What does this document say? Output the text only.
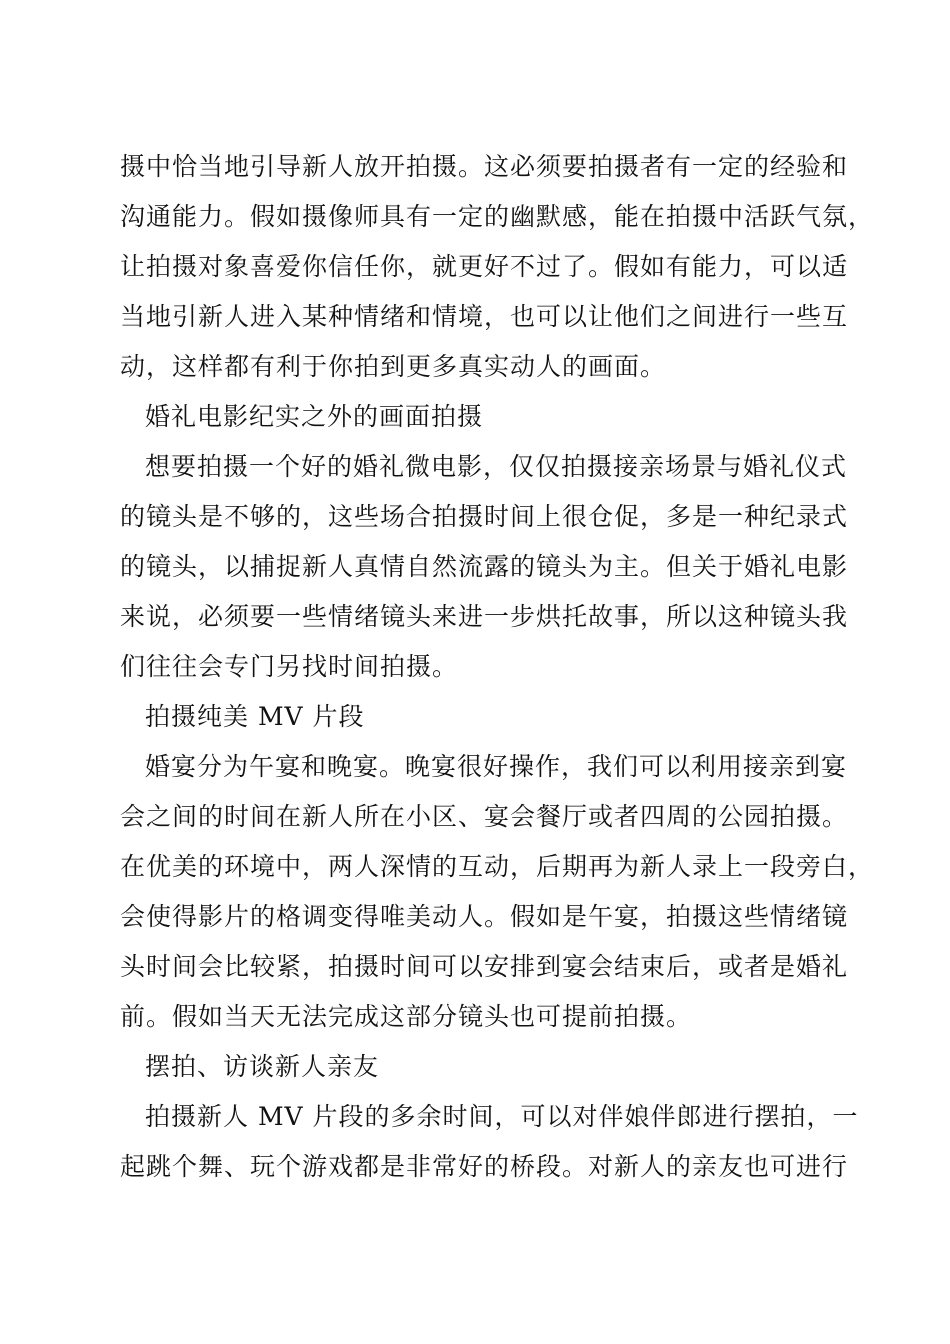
摄中恰当地引导新人放开拍摄。这必须要拍摄者有一定的经验和
沟通能力。假如摄像师具有一定的幽默感，能在拍摄中活跃气氛，
让拍摄对象喜爱你信任你，就更好不过了。假如有能力，可以适
当地引新人进入某种情绪和情境，也可以让他们之间进行一些互
动，这样都有利于你拍到更多真实动人的画面。
婚礼电影纪实之外的画面拍摄
想要拍摄一个好的婚礼微电影，仅仅拍摄接亲场景与婚礼仪式
的镜头是不够的，这些场合拍摄时间上很仓促，多是一种纪录式
的镜头，以捕捉新人真情自然流露的镜头为主。但关于婚礼电影
来说，必须要一些情绪镜头来进一步烘托故事，所以这种镜头我
们往往会专门另找时间拍摄。
拍摄纯美 MV 片段
婚宴分为午宴和晚宴。晚宴很好操作，我们可以利用接亲到宴
会之间的时间在新人所在小区、宴会餐厅或者四周的公园拍摄。
在优美的环境中，两人深情的互动，后期再为新人录上一段旁白，
会使得影片的格调变得唯美动人。假如是午宴，拍摄这些情绪镜
头时间会比较紧，拍摄时间可以安排到宴会结束后，或者是婚礼
前。假如当天无法完成这部分镜头也可提前拍摄。
摆拍、访谈新人亲友
拍摄新人 MV 片段的多余时间，可以对伴娘伴郎进行摆拍，一
起跳个舞、玩个游戏都是非常好的桥段。对新人的亲友也可进行
